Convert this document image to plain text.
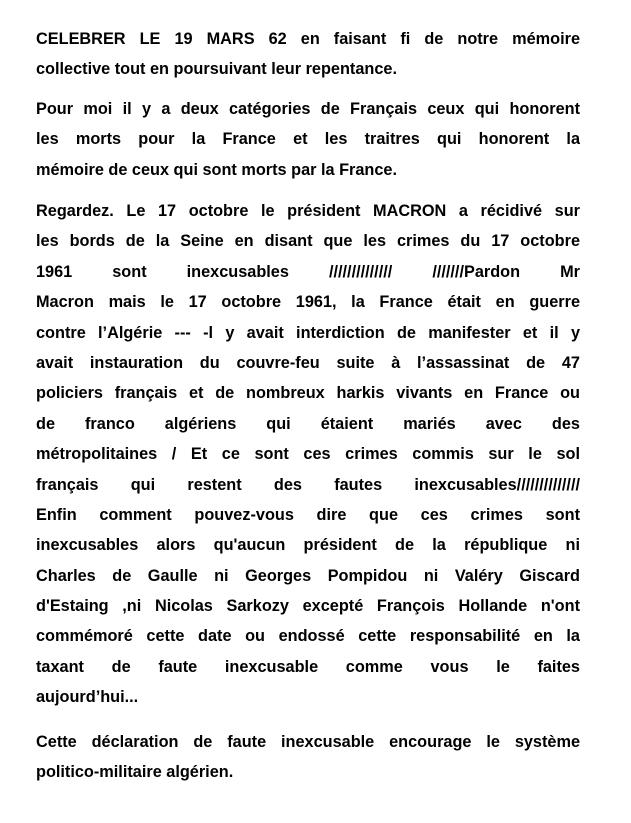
CELEBRER LE 19 MARS 62 en faisant fi de notre mémoire
collective tout en poursuivant leur repentance.

Pour moi il y a deux catégories de Français ceux qui honorent
les morts pour la France et les traitres qui honorent la
mémoire de ceux qui sont morts par la France.

Regardez. Le 17 octobre le président MACRON a récidivé sur
les bords de la Seine en disant que les crimes du 17 octobre
1961 sont inexcusables ////////////// ///////Pardon Mr
Macron mais le 17 octobre 1961, la France était en guerre
contre l’Algérie --- -l y avait interdiction de manifester et il y
avait instauration du couvre-feu suite à l’assassinat de 47
policiers français et de nombreux harkis vivants en France ou
de franco algériens qui étaient mariés avec des
métropolitaines / Et ce sont ces crimes commis sur le sol
français qui restent des fautes inexcusables//////////////
Enfin comment pouvez-vous dire que ces crimes sont
inexcusables alors qu'aucun président de la république ni
Charles de Gaulle ni Georges Pompidou ni Valéry Giscard
d'Estaing ,ni Nicolas Sarkozy excepté François Hollande n'ont
commémoré cette date ou endossé cette responsabilité en la
taxant de faute inexcusable comme vous le faites
aujourd’hui...

Cette déclaration de faute inexcusable encourage le système
politico-militaire algérien.
